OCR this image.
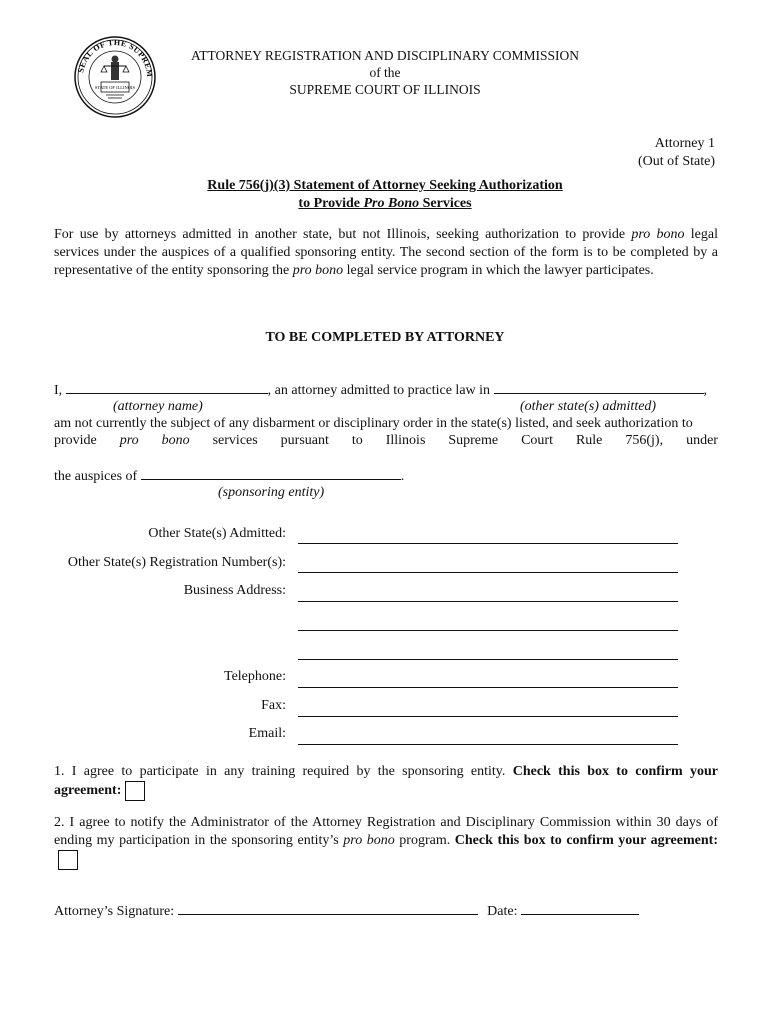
SEAL OF THE SUPREM
STATE OF ILLINOIS
ATTORNEY REGISTRATION AND DISCIPLINARY COMMISSION
of the
SUPREME COURT OF ILLINOIS
Attorney 1
(Out of State)
Rule 756(j)(3) Statement of Attorney Seeking Authorization
to Provide Pro Bono Services
For use by attorneys admitted in another state, but not Illinois, seeking authorization to provide pro bono legal services under the auspices of a qualified sponsoring entity. The second section of the form is to be completed by a representative of the entity sponsoring the pro bono legal service program in which the lawyer participates.
TO BE COMPLETED BY ATTORNEY
I,	, an attorney admitted to practice law in	,
(attorney name)	(other state(s) admitted)
am not currently the subject of any disbarment or disciplinary order in the state(s) listed, and seek authorization to
provide pro bono services pursuant to Illinois Supreme Court Rule 756(j), under
the auspices of	.
(sponsoring entity)
Other State(s) Admitted:
Other State(s) Registration Number(s):
Business Address:
Telephone:
Fax:
Email:
1. I agree to participate in any training required by the sponsoring entity. Check this box to confirm your agreement:
2. I agree to notify the Administrator of the Attorney Registration and Disciplinary Commission within 30 days of ending my participation in the sponsoring entity’s pro bono program. Check this box to confirm your agreement:
Attorney’s Signature:	Date:
